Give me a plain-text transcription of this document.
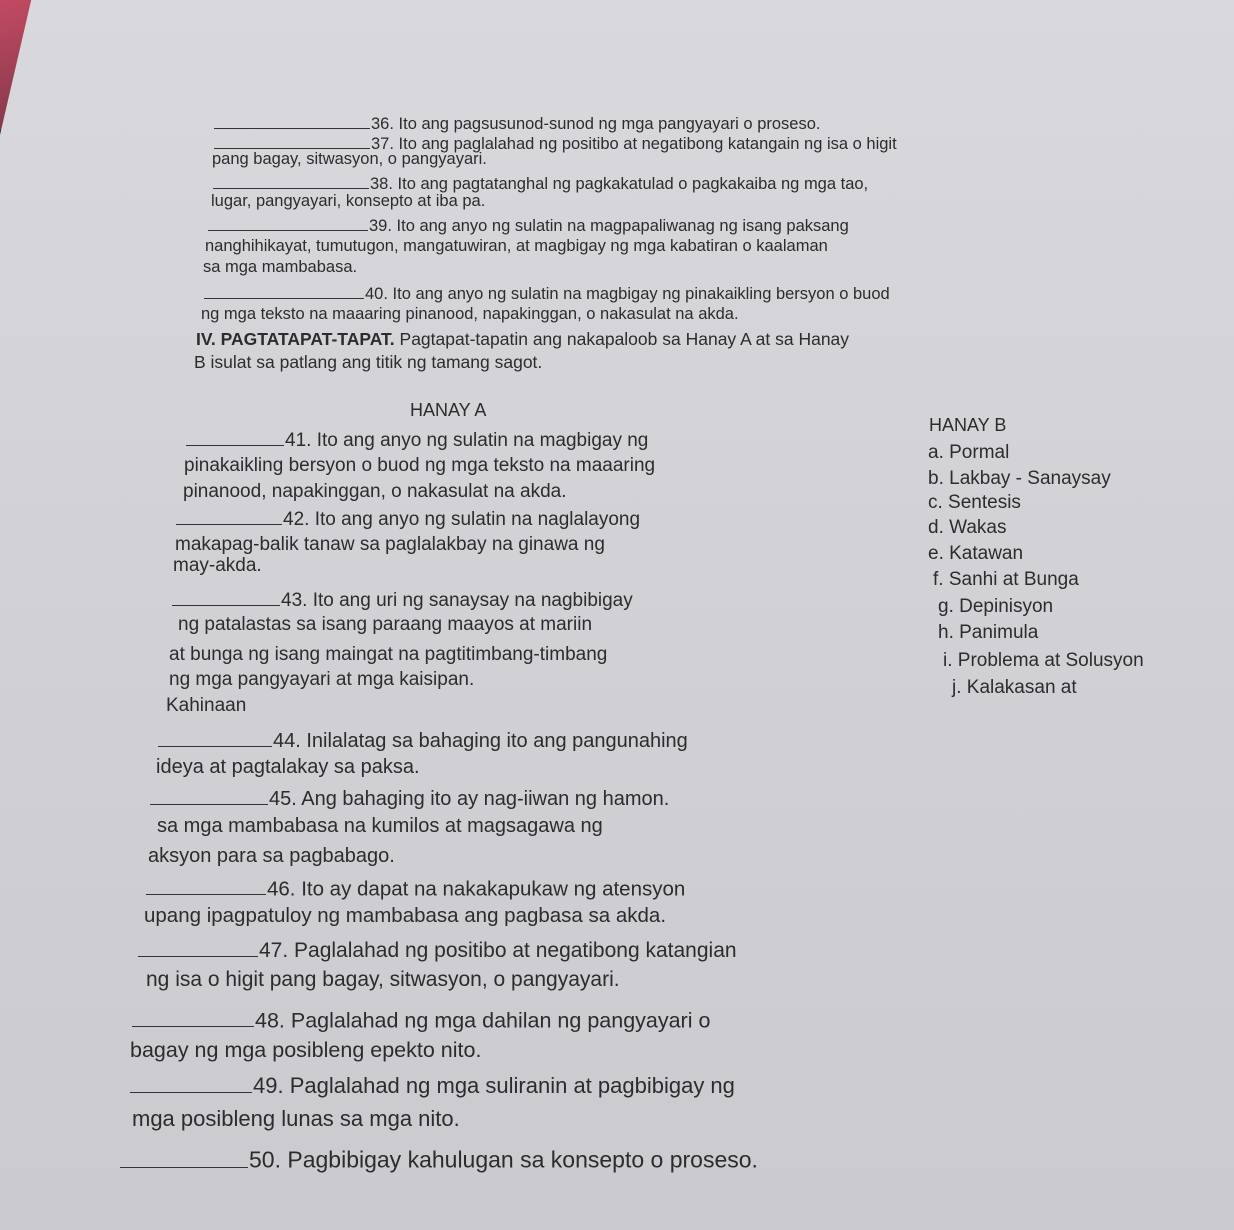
36. Ito ang pagsusunod-sunod ng mga pangyayari o proseso.
37. Ito ang paglalahad ng positibo at negatibong katangain ng isa o higit
pang bagay, sitwasyon, o pangyayari.
38. Ito ang pagtatanghal ng pagkakatulad o pagkakaiba ng mga tao,
lugar, pangyayari, konsepto at iba pa.
39. Ito ang anyo ng sulatin na magpapaliwanag ng isang paksang
nanghihikayat, tumutugon, mangatuwiran, at magbigay ng mga kabatiran o kaalaman
sa mga mambabasa.
40. Ito ang anyo ng sulatin na magbigay ng pinakaikling bersyon o buod
ng mga teksto na maaaring pinanood, napakinggan, o nakasulat na akda.
IV. PAGTATAPAT-TAPAT. Pagtapat-tapatin ang nakapaloob sa Hanay A at sa Hanay
B isulat sa patlang ang titik ng tamang sagot.
HANAY A
41. Ito ang anyo ng sulatin na magbigay ng
pinakaikling bersyon o buod ng mga teksto na maaaring
pinanood, napakinggan, o nakasulat na akda.
42. Ito ang anyo ng sulatin na naglalayong
makapag-balik tanaw sa paglalakbay na ginawa ng
may-akda.
43. Ito ang uri ng sanaysay na nagbibigay
ng patalastas sa isang paraang maayos at mariin
at bunga ng isang maingat na pagtitimbang-timbang
ng mga pangyayari at mga kaisipan.
Kahinaan
44. Inilalatag sa bahaging ito ang pangunahing
ideya at pagtalakay sa paksa.
45. Ang bahaging ito ay nag-iiwan ng hamon.
sa mga mambabasa na kumilos at magsagawa ng
aksyon para sa pagbabago.
46. Ito ay dapat na nakakapukaw ng atensyon
upang ipagpatuloy ng mambabasa ang pagbasa sa akda.
47. Paglalahad ng positibo at negatibong katangian
ng isa o higit pang bagay, sitwasyon, o pangyayari.
48. Paglalahad ng mga dahilan ng pangyayari o
bagay ng mga posibleng epekto nito.
49. Paglalahad ng mga suliranin at pagbibigay ng
mga posibleng lunas sa mga nito.
50. Pagbibigay kahulugan sa konsepto o proseso.
HANAY B
a. Pormal
b. Lakbay - Sanaysay
c. Sentesis
d. Wakas
e. Katawan
f. Sanhi at Bunga
g. Depinisyon
h. Panimula
i. Problema at Solusyon
j. Kalakasan at
